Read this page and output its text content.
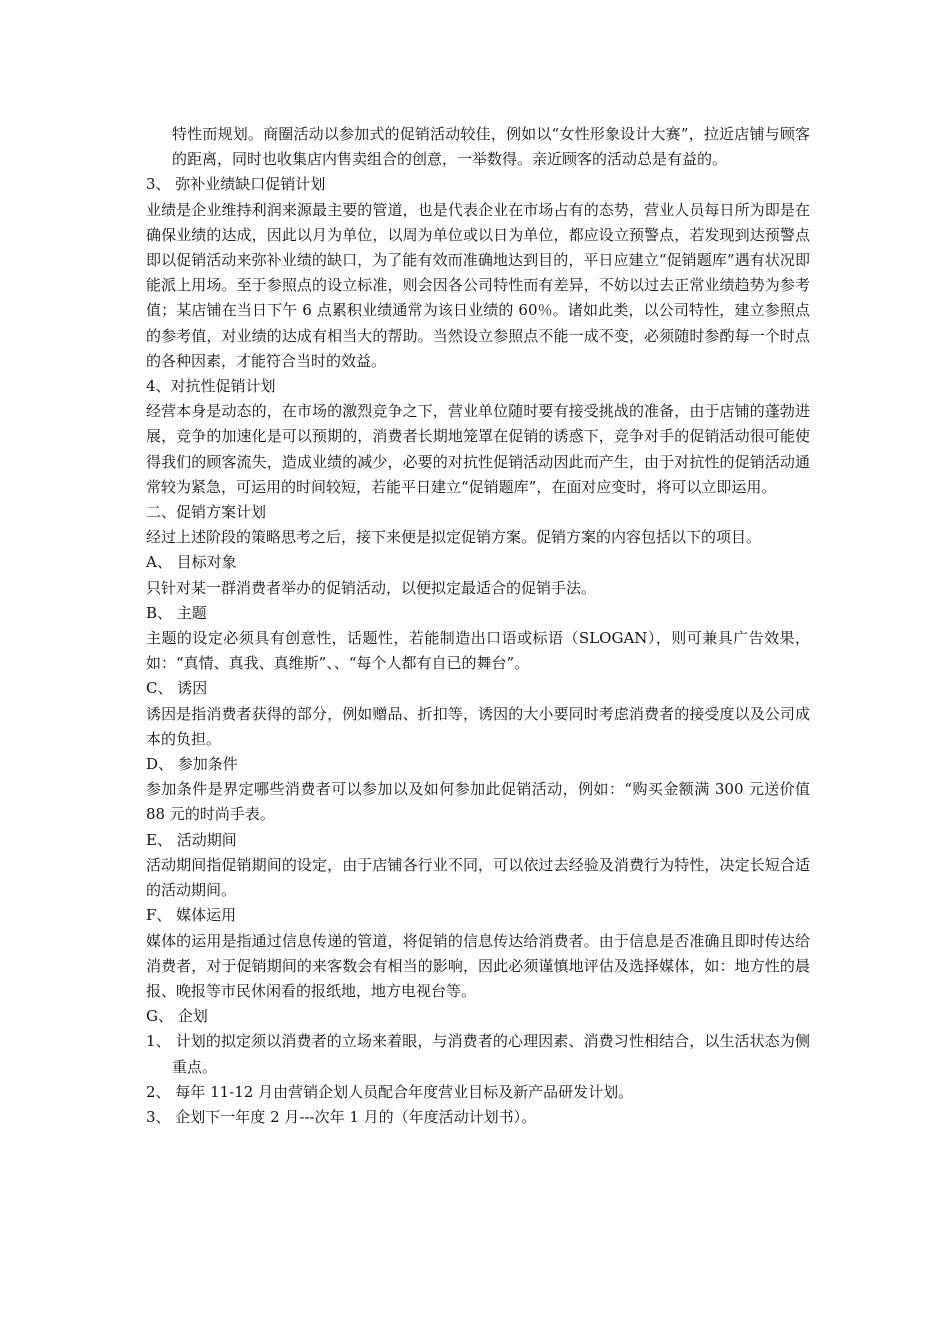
特性而规划。商圈活动以参加式的促销活动较佳，例如以“女性形象设计大赛”，拉近店铺与顾客的距离，同时也收集店内售卖组合的创意，一举数得。亲近顾客的活动总是有益的。
3、 弥补业绩缺口促销计划
业绩是企业维持利润来源最主要的管道，也是代表企业在市场占有的态势，营业人员每日所为即是在确保业绩的达成，因此以月为单位，以周为单位或以日为单位，都应设立预警点，若发现到达预警点即以促销活动来弥补业绩的缺口，为了能有效而准确地达到目的，平日应建立“促销题库”遇有状况即能派上用场。至于参照点的设立标准，则会因各公司特性而有差异，不妨以过去正常业绩趋势为参考值；某店铺在当日下午 6 点累积业绩通常为该日业绩的 60％。诸如此类，以公司特性，建立参照点的参考值，对业绩的达成有相当大的帮助。当然设立参照点不能一成不变，必须随时参酌每一个时点的各种因素，才能符合当时的效益。
4、对抗性促销计划
经营本身是动态的，在市场的激烈竞争之下，营业单位随时要有接受挑战的准备，由于店铺的蓬勃进展，竞争的加速化是可以预期的，消费者长期地笼罩在促销的诱惑下，竞争对手的促销活动很可能使得我们的顾客流失，造成业绩的减少，必要的对抗性促销活动因此而产生，由于对抗性的促销活动通常较为紧急，可运用的时间较短，若能平日建立“促销题库”，在面对应变时，将可以立即运用。
二、促销方案计划
经过上述阶段的策略思考之后，接下来便是拟定促销方案。促销方案的内容包括以下的项目。
A、 目标对象
只针对某一群消费者举办的促销活动，以便拟定最适合的促销手法。
B、 主题
主题的设定必须具有创意性，话题性，若能制造出口语或标语（SLOGAN），则可兼具广告效果，如：“真情、真我、真维斯”、、“每个人都有自已的舞台”。
C、 诱因
诱因是指消费者获得的部分，例如赠品、折扣等，诱因的大小要同时考虑消费者的接受度以及公司成本的负担。
D、 参加条件
参加条件是界定哪些消费者可以参加以及如何参加此促销活动，例如：“购买金额满 300 元送价值 88 元的时尚手表。
E、 活动期间
活动期间指促销期间的设定，由于店铺各行业不同，可以依过去经验及消费行为特性，决定长短合适的活动期间。
F、 媒体运用
媒体的运用是指通过信息传递的管道，将促销的信息传达给消费者。由于信息是否准确且即时传达给消费者，对于促销期间的来客数会有相当的影响，因此必须谨慎地评估及选择媒体，如：地方性的晨报、晚报等市民休闲看的报纸地，地方电视台等。
G、 企划
1、 计划的拟定须以消费者的立场来着眼，与消费者的心理因素、消费习性相结合，以生活状态为侧重点。
2、 每年 11-12 月由营销企划人员配合年度营业目标及新产品研发计划。
3、 企划下一年度 2 月---次年 1 月的（年度活动计划书）。
